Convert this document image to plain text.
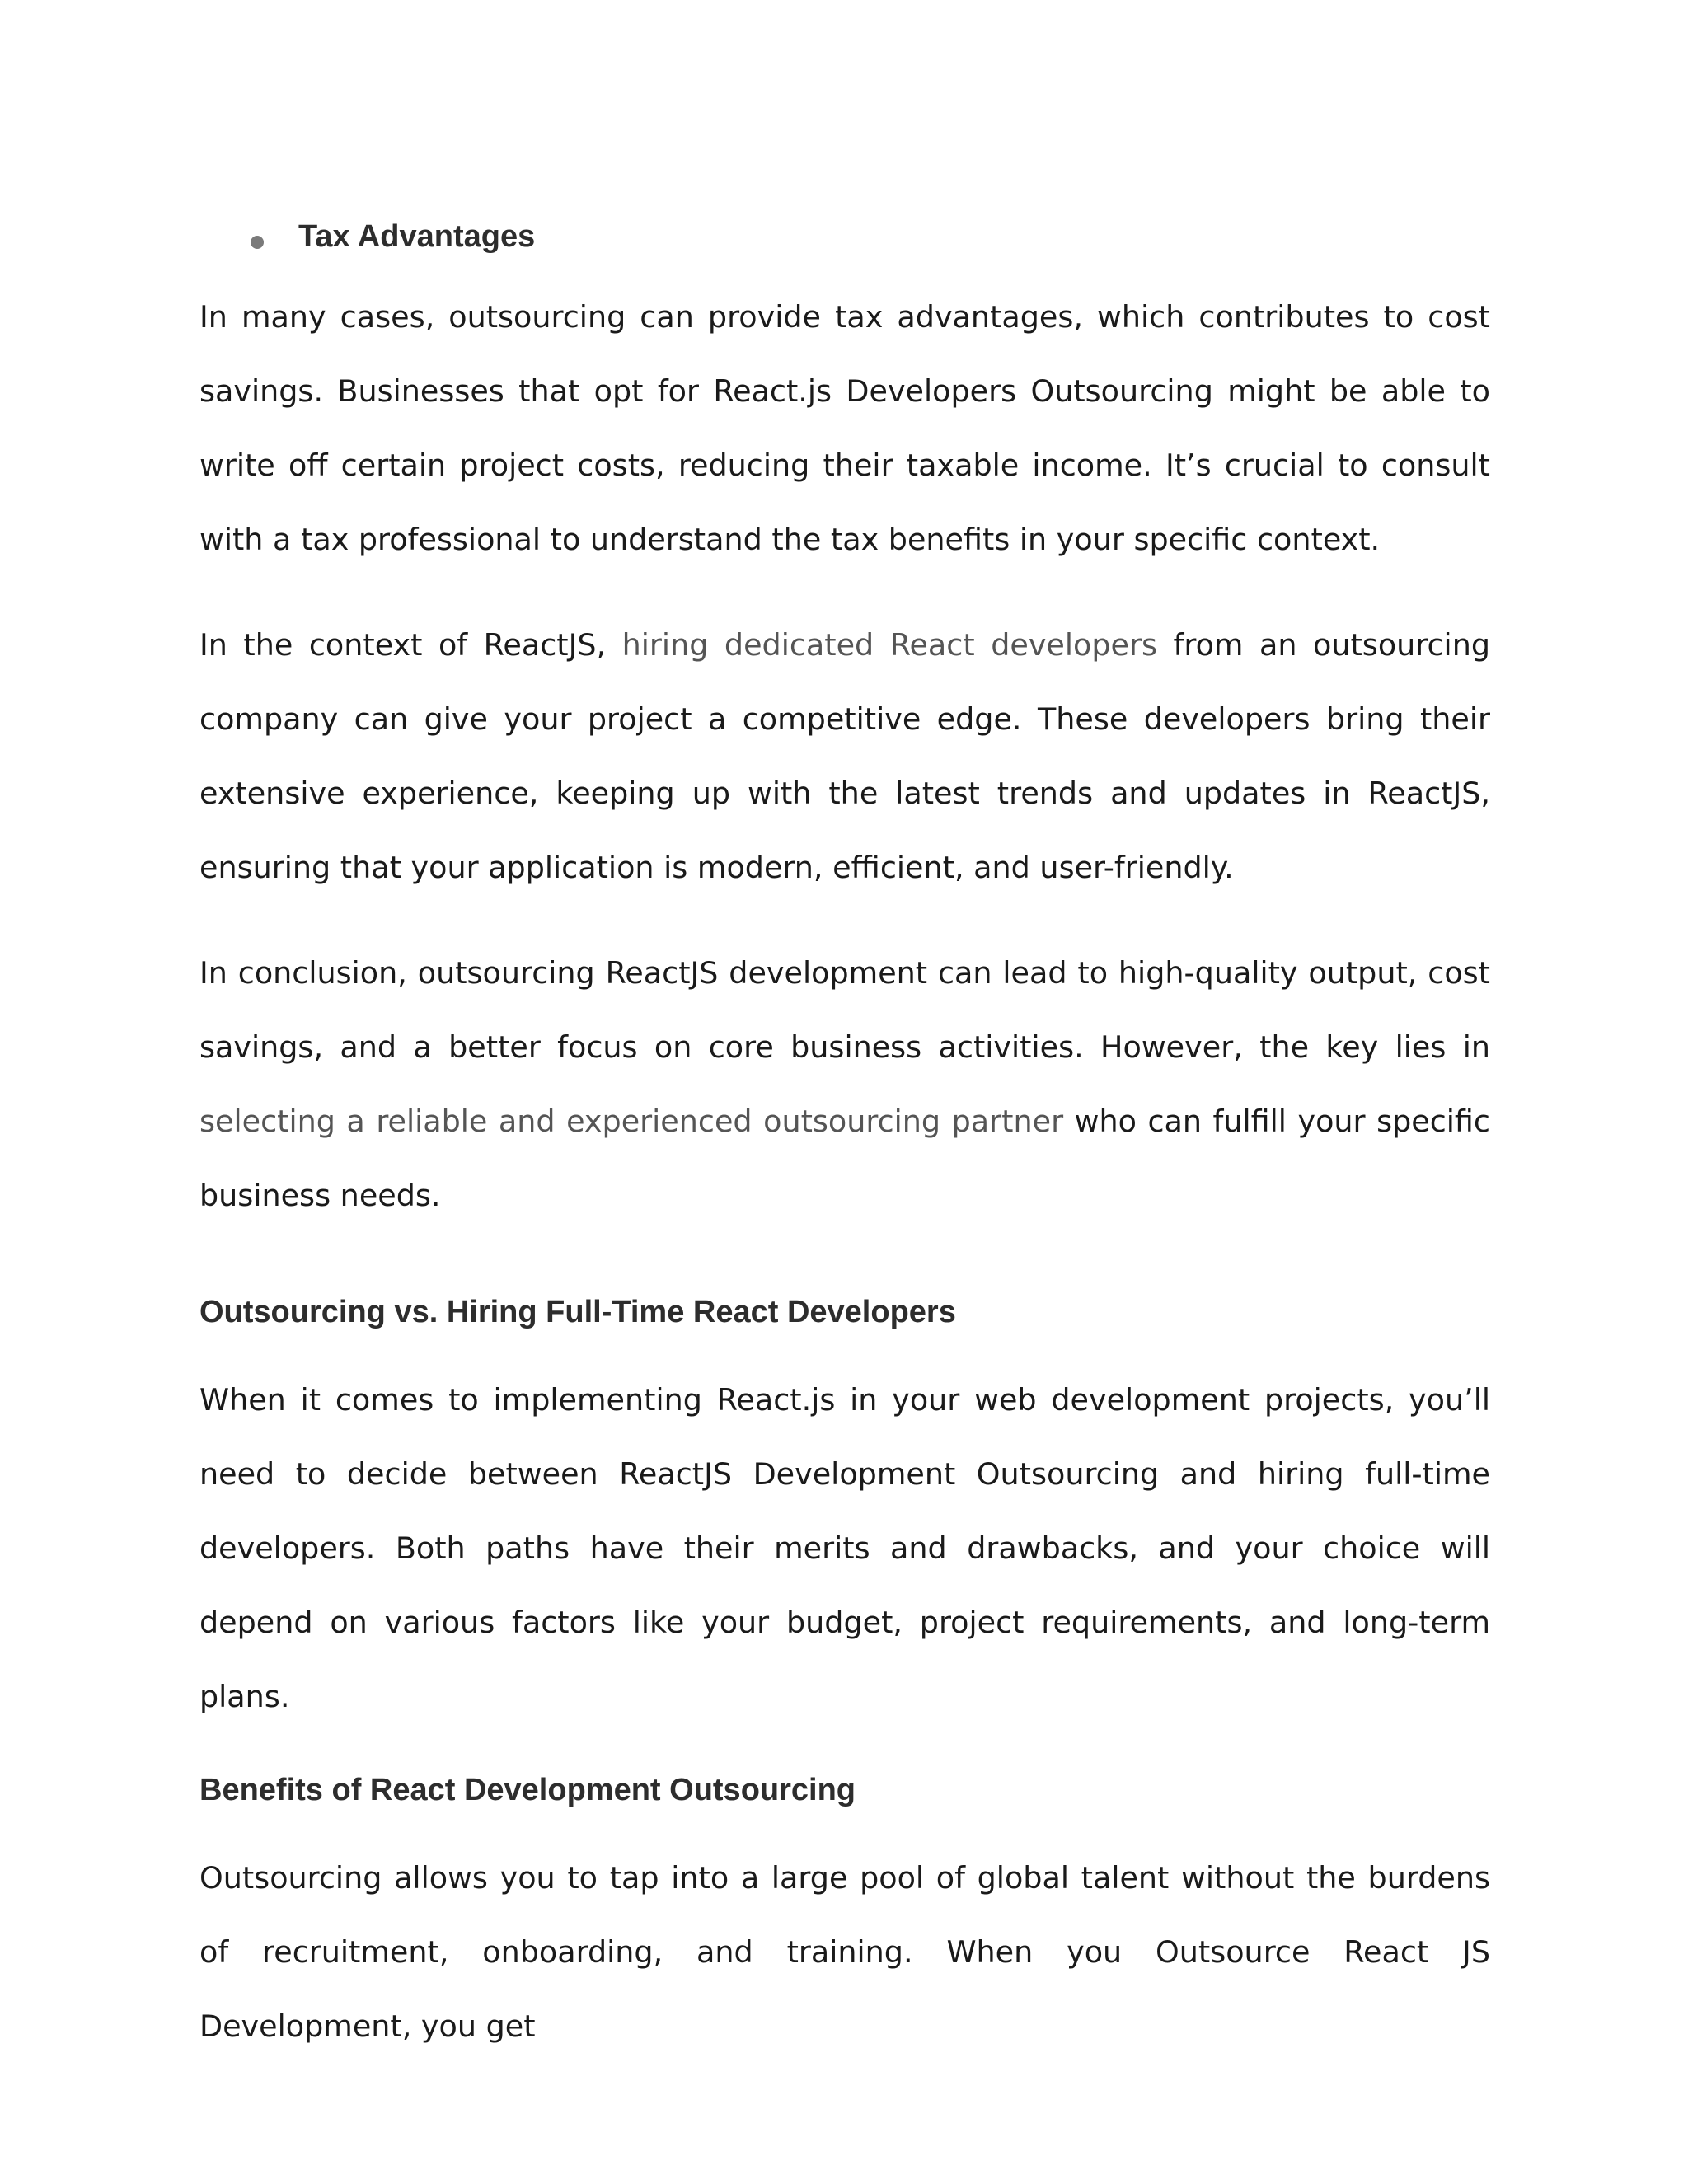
Tax Advantages

In many cases, outsourcing can provide tax advantages, which contributes to cost savings. Businesses that opt for React.js Developers Outsourcing might be able to write off certain project costs, reducing their taxable income. It’s crucial to consult with a tax professional to understand the tax benefits in your specific context.

In the context of ReactJS, hiring dedicated React developers from an outsourcing company can give your project a competitive edge. These developers bring their extensive experience, keeping up with the latest trends and updates in ReactJS, ensuring that your application is modern, efficient, and user-friendly.

In conclusion, outsourcing ReactJS development can lead to high-quality output, cost savings, and a better focus on core business activities. However, the key lies in selecting a reliable and experienced outsourcing partner who can fulfill your specific business needs.

Outsourcing vs. Hiring Full-Time React Developers

When it comes to implementing React.js in your web development projects, you’ll need to decide between ReactJS Development Outsourcing and hiring full-time developers. Both paths have their merits and drawbacks, and your choice will depend on various factors like your budget, project requirements, and long-term plans.

Benefits of React Development Outsourcing

Outsourcing allows you to tap into a large pool of global talent without the burdens of recruitment, onboarding, and training. When you Outsource React JS Development, you get
